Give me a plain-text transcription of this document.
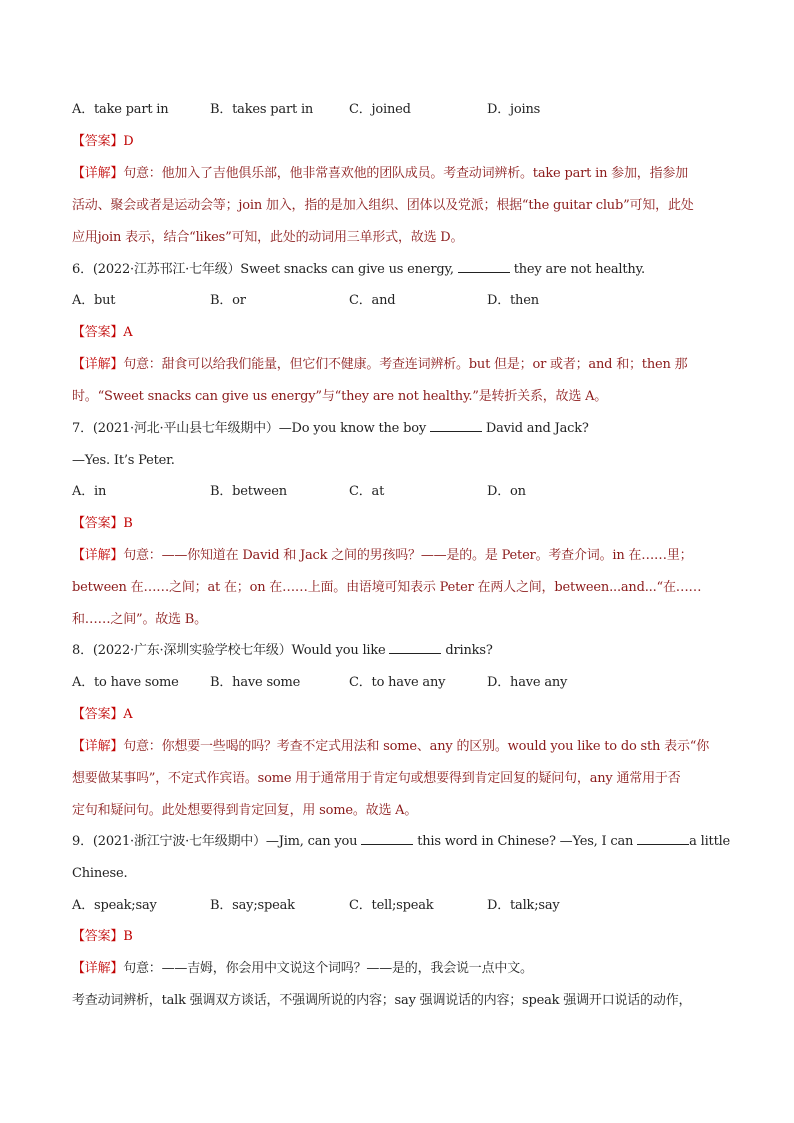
A．take part in	B．takes part in	C．joined	D．joins
【答案】D
【详解】句意：他加入了吉他俱乐部，他非常喜欢他的团队成员。考查动词辨析。take part in 参加，指参加
活动、聚会或者是运动会等；join 加入，指的是加入组织、团体以及党派；根据“the guitar club”可知，此处
应用join 表示，结合“likes”可知，此处的动词用三单形式，故选 D。
6．(2022·江苏邗江·七年级）Sweet snacks can give us energy,	they are not healthy.
A．but	B．or	C．and	D．then
【答案】A
【详解】句意：甜食可以给我们能量，但它们不健康。考查连词辨析。but 但是；or 或者；and 和；then 那
时。“Sweet snacks can give us energy”与“they are not healthy.”是转折关系，故选 A。
7．(2021·河北·平山县七年级期中）—Do you know the boy	David and Jack?
—Yes. It’s Peter.
A．in	B．between	C．at	D．on
【答案】B
【详解】句意：——你知道在 David 和 Jack 之间的男孩吗？——是的。是 Peter。考查介词。in 在……里；
between 在……之间；at 在；on 在……上面。由语境可知表示 Peter 在两人之间，between...and...“在……
和……之间”。故选 B。
8．(2022·广东·深圳实验学校七年级）Would you like	drinks?
A．to have some B．have some	C．to have any	D．have any
【答案】A
【详解】句意：你想要一些喝的吗？考查不定式用法和 some、any 的区别。would you like to do sth 表示“你
想要做某事吗”，不定式作宾语。some 用于通常用于肯定句或想要得到肯定回复的疑问句，any 通常用于否
定句和疑问句。此处想要得到肯定回复，用 some。故选 A。
9．(2021·浙江宁波·七年级期中）—Jim, can you	this word in Chinese? —Yes, I can	a little
Chinese.
A．speak;say	B．say;speak	C．tell;speak	D．talk;say
【答案】B
【详解】句意：——吉姆，你会用中文说这个词吗？——是的，我会说一点中文。
考查动词辨析，talk 强调双方谈话，不强调所说的内容；say 强调说话的内容；speak 强调开口说话的动作，
